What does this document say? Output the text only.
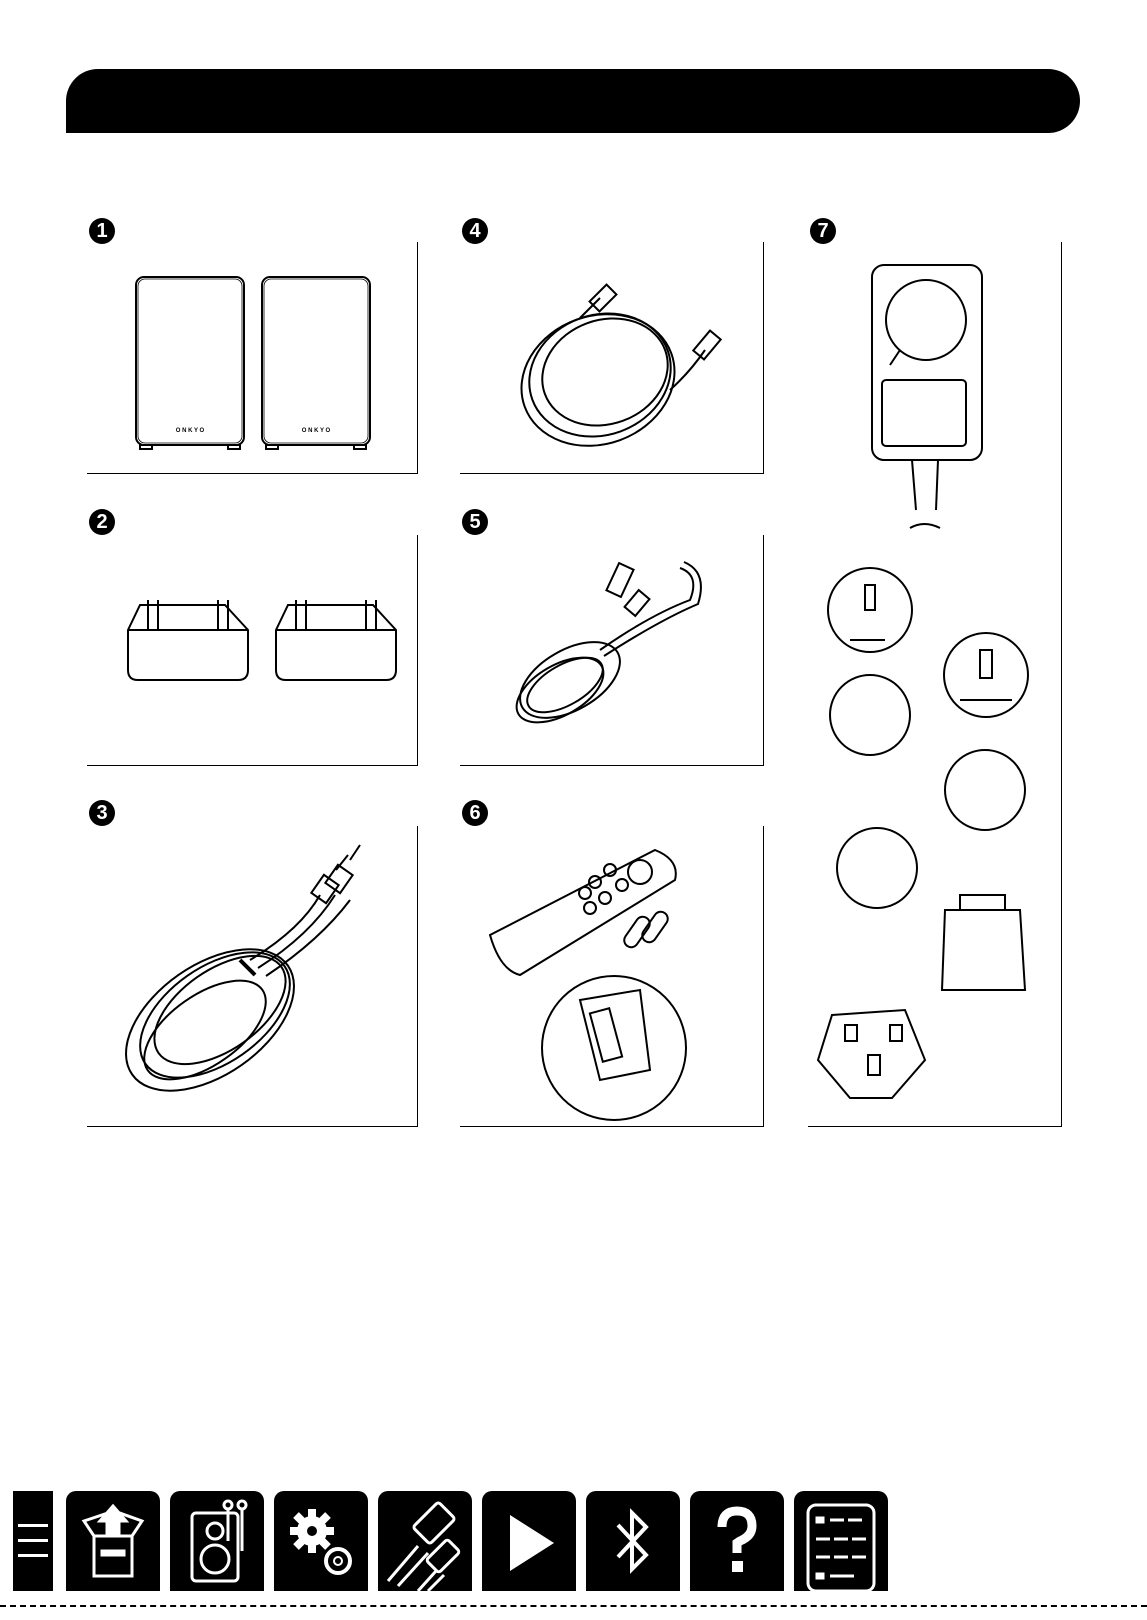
1
O N K Y O	O N K Y O
2
3
4
5
6
7
